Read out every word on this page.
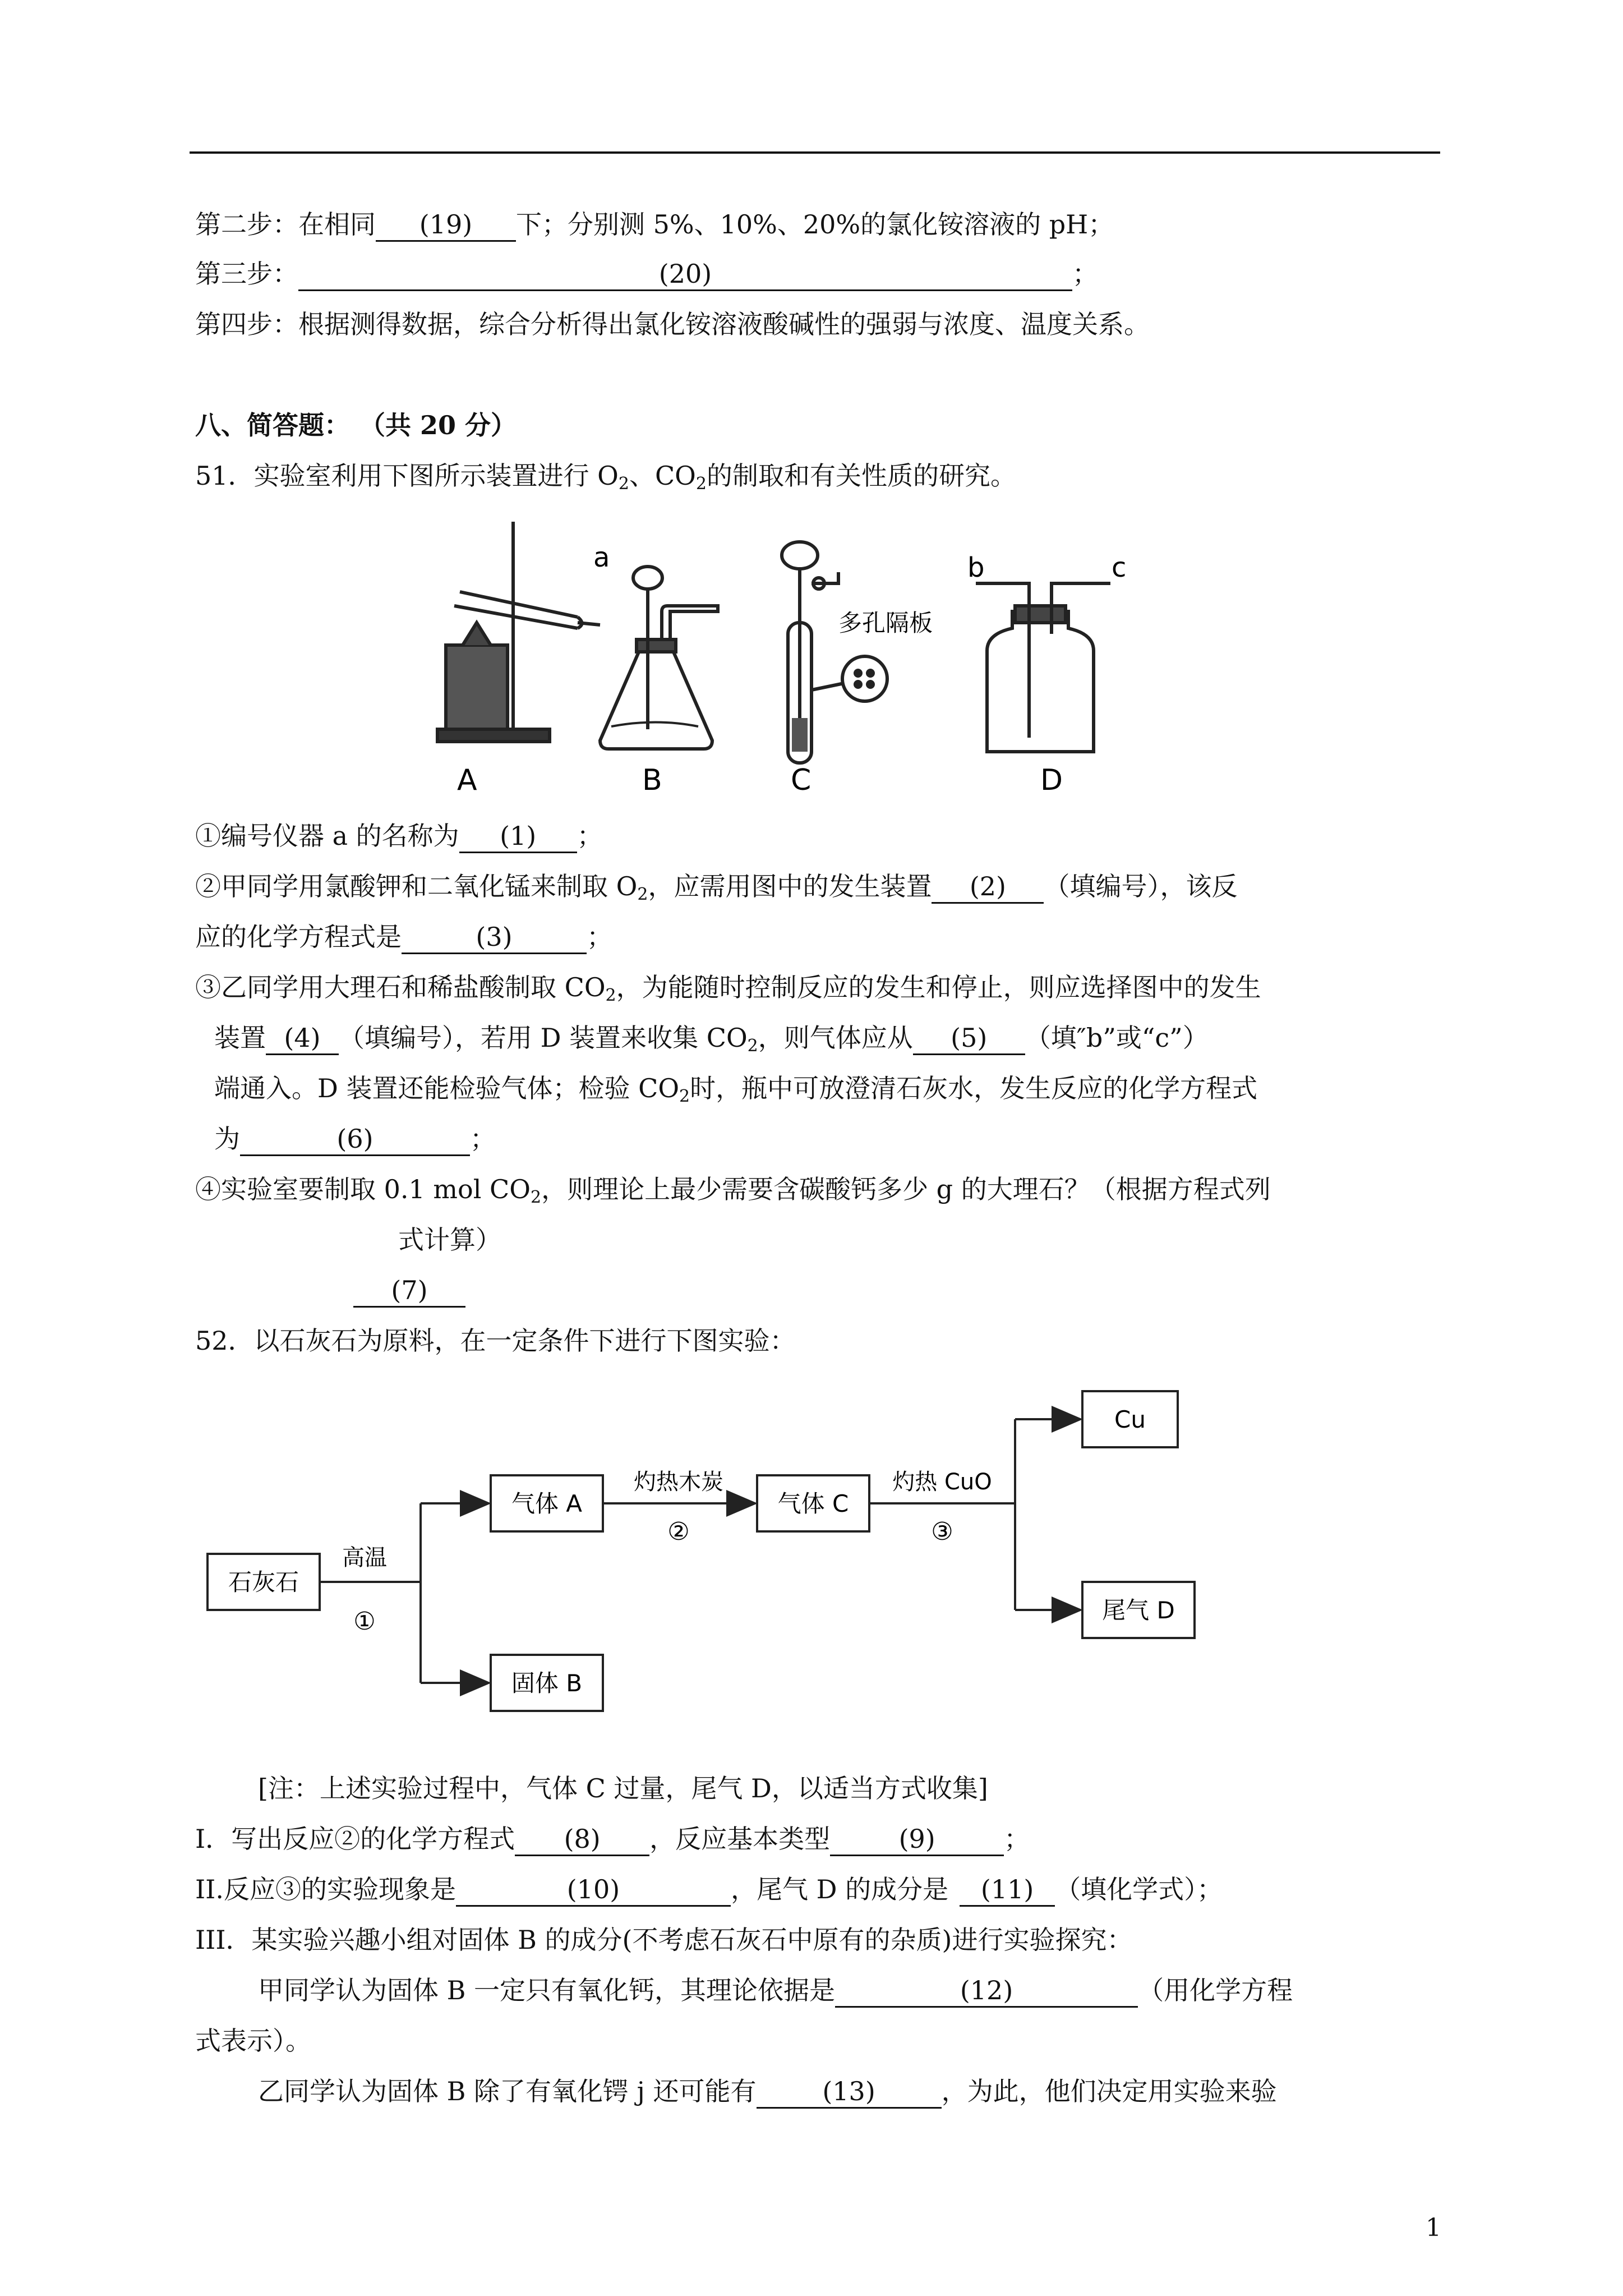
第二步：在相同 (19) 下；分别测 5%、10%、20%的氯化铵溶液的 pH；
第三步：	(20)	；
第四步：根据测得数据，综合分析得出氯化铵溶液酸碱性的强弱与浓度、温度关系。
八、简答题： （共 20 分）
51．实验室利用下图所示装置进行 $O_2$、$CO_2$的制取和有关性质的研究。
a	b	c
多孔隔板
A	B	C	D
①编号仪器 a 的名称为 (1) ；
②甲同学用氯酸钾和二氧化锰来制取 $O_2$，应需用图中的发生装置 (2) （填编号），该反
应的化学方程式是	(3)	；
③乙同学用大理石和稀盐酸制取 $CO_2$，为能随时控制反应的发生和停止，则应选择图中的发生
装置 (4) （填编号），若用 D 装置来收集 $CO_2$，则气体应从 (5) （填″b”或“c”）
端通入。D 装置还能检验气体；检验 $CO_2$时，瓶中可放澄清石灰水，发生反应的化学方程式
为	(6)	；
④实验室要制取 0.1 mol $CO_2$，则理论上最少需要含碳酸钙多少 g 的大理石？（根据方程式列
式计算）
(7)
52．以石灰石为原料，在一定条件下进行下图实验：
石灰石
高温
①
气体 A
灼热木炭
②
气体 C
灼热 CuO
③
Cu
尾气 D
固体 B
[注：上述实验过程中，气体 C 过量，尾气 D，以适当方式收集]
I．写出反应②的化学方程式 (8) ，反应基本类型	(9)	；
II.反应③的实验现象是	(10)	，尾气 D 的成分是 (11) （填化学式）；
III．某实验兴趣小组对固体 B 的成分(不考虑石灰石中原有的杂质)进行实验探究：
甲同学认为固体 B 一定只有氧化钙，其理论依据是	(12)	（用化学方程
式表示）。
乙同学认为固体 B 除了有氧化锷 j 还可能有	(13)	，为此，他们决定用实验来验
1
